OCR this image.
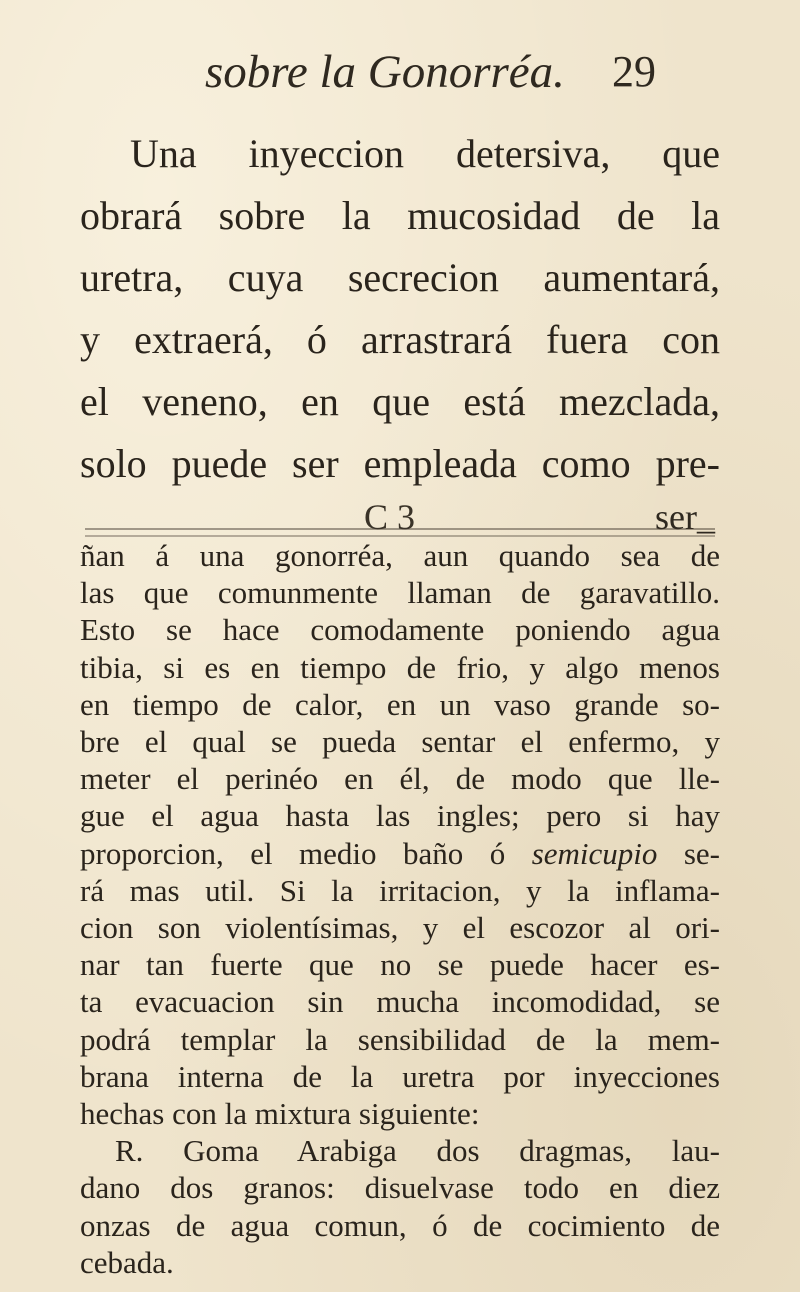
sobre la Gonorréa. 29
Una inyeccion detersiva, que
obrará sobre la mucosidad de la
uretra, cuya secrecion aumentará,
y extraerá, ó arrastrará fuera con
el veneno, en que está mezclada,
solo puede ser empleada como pre-
C 3	ser_
ñan á una gonorréa, aun quando sea de
las que comunmente llaman de garavatillo.
Esto se hace comodamente poniendo agua
tibia, si es en tiempo de frio, y algo menos
en tiempo de calor, en un vaso grande so-
bre el qual se pueda sentar el enfermo, y
meter el perinéo en él, de modo que lle-
gue el agua hasta las ingles; pero si hay
proporcion, el medio baño ó semicupio se-
rá mas util. Si la irritacion, y la inflama-
cion son violentísimas, y el escozor al ori-
nar tan fuerte que no se puede hacer es-
ta evacuacion sin mucha incomodidad, se
podrá templar la sensibilidad de la mem-
brana interna de la uretra por inyecciones
hechas con la mixtura siguiente:
R. Goma Arabiga dos dragmas, lau-
dano dos granos: disuelvase todo en diez
onzas de agua comun, ó de cocimiento de
cebada.
